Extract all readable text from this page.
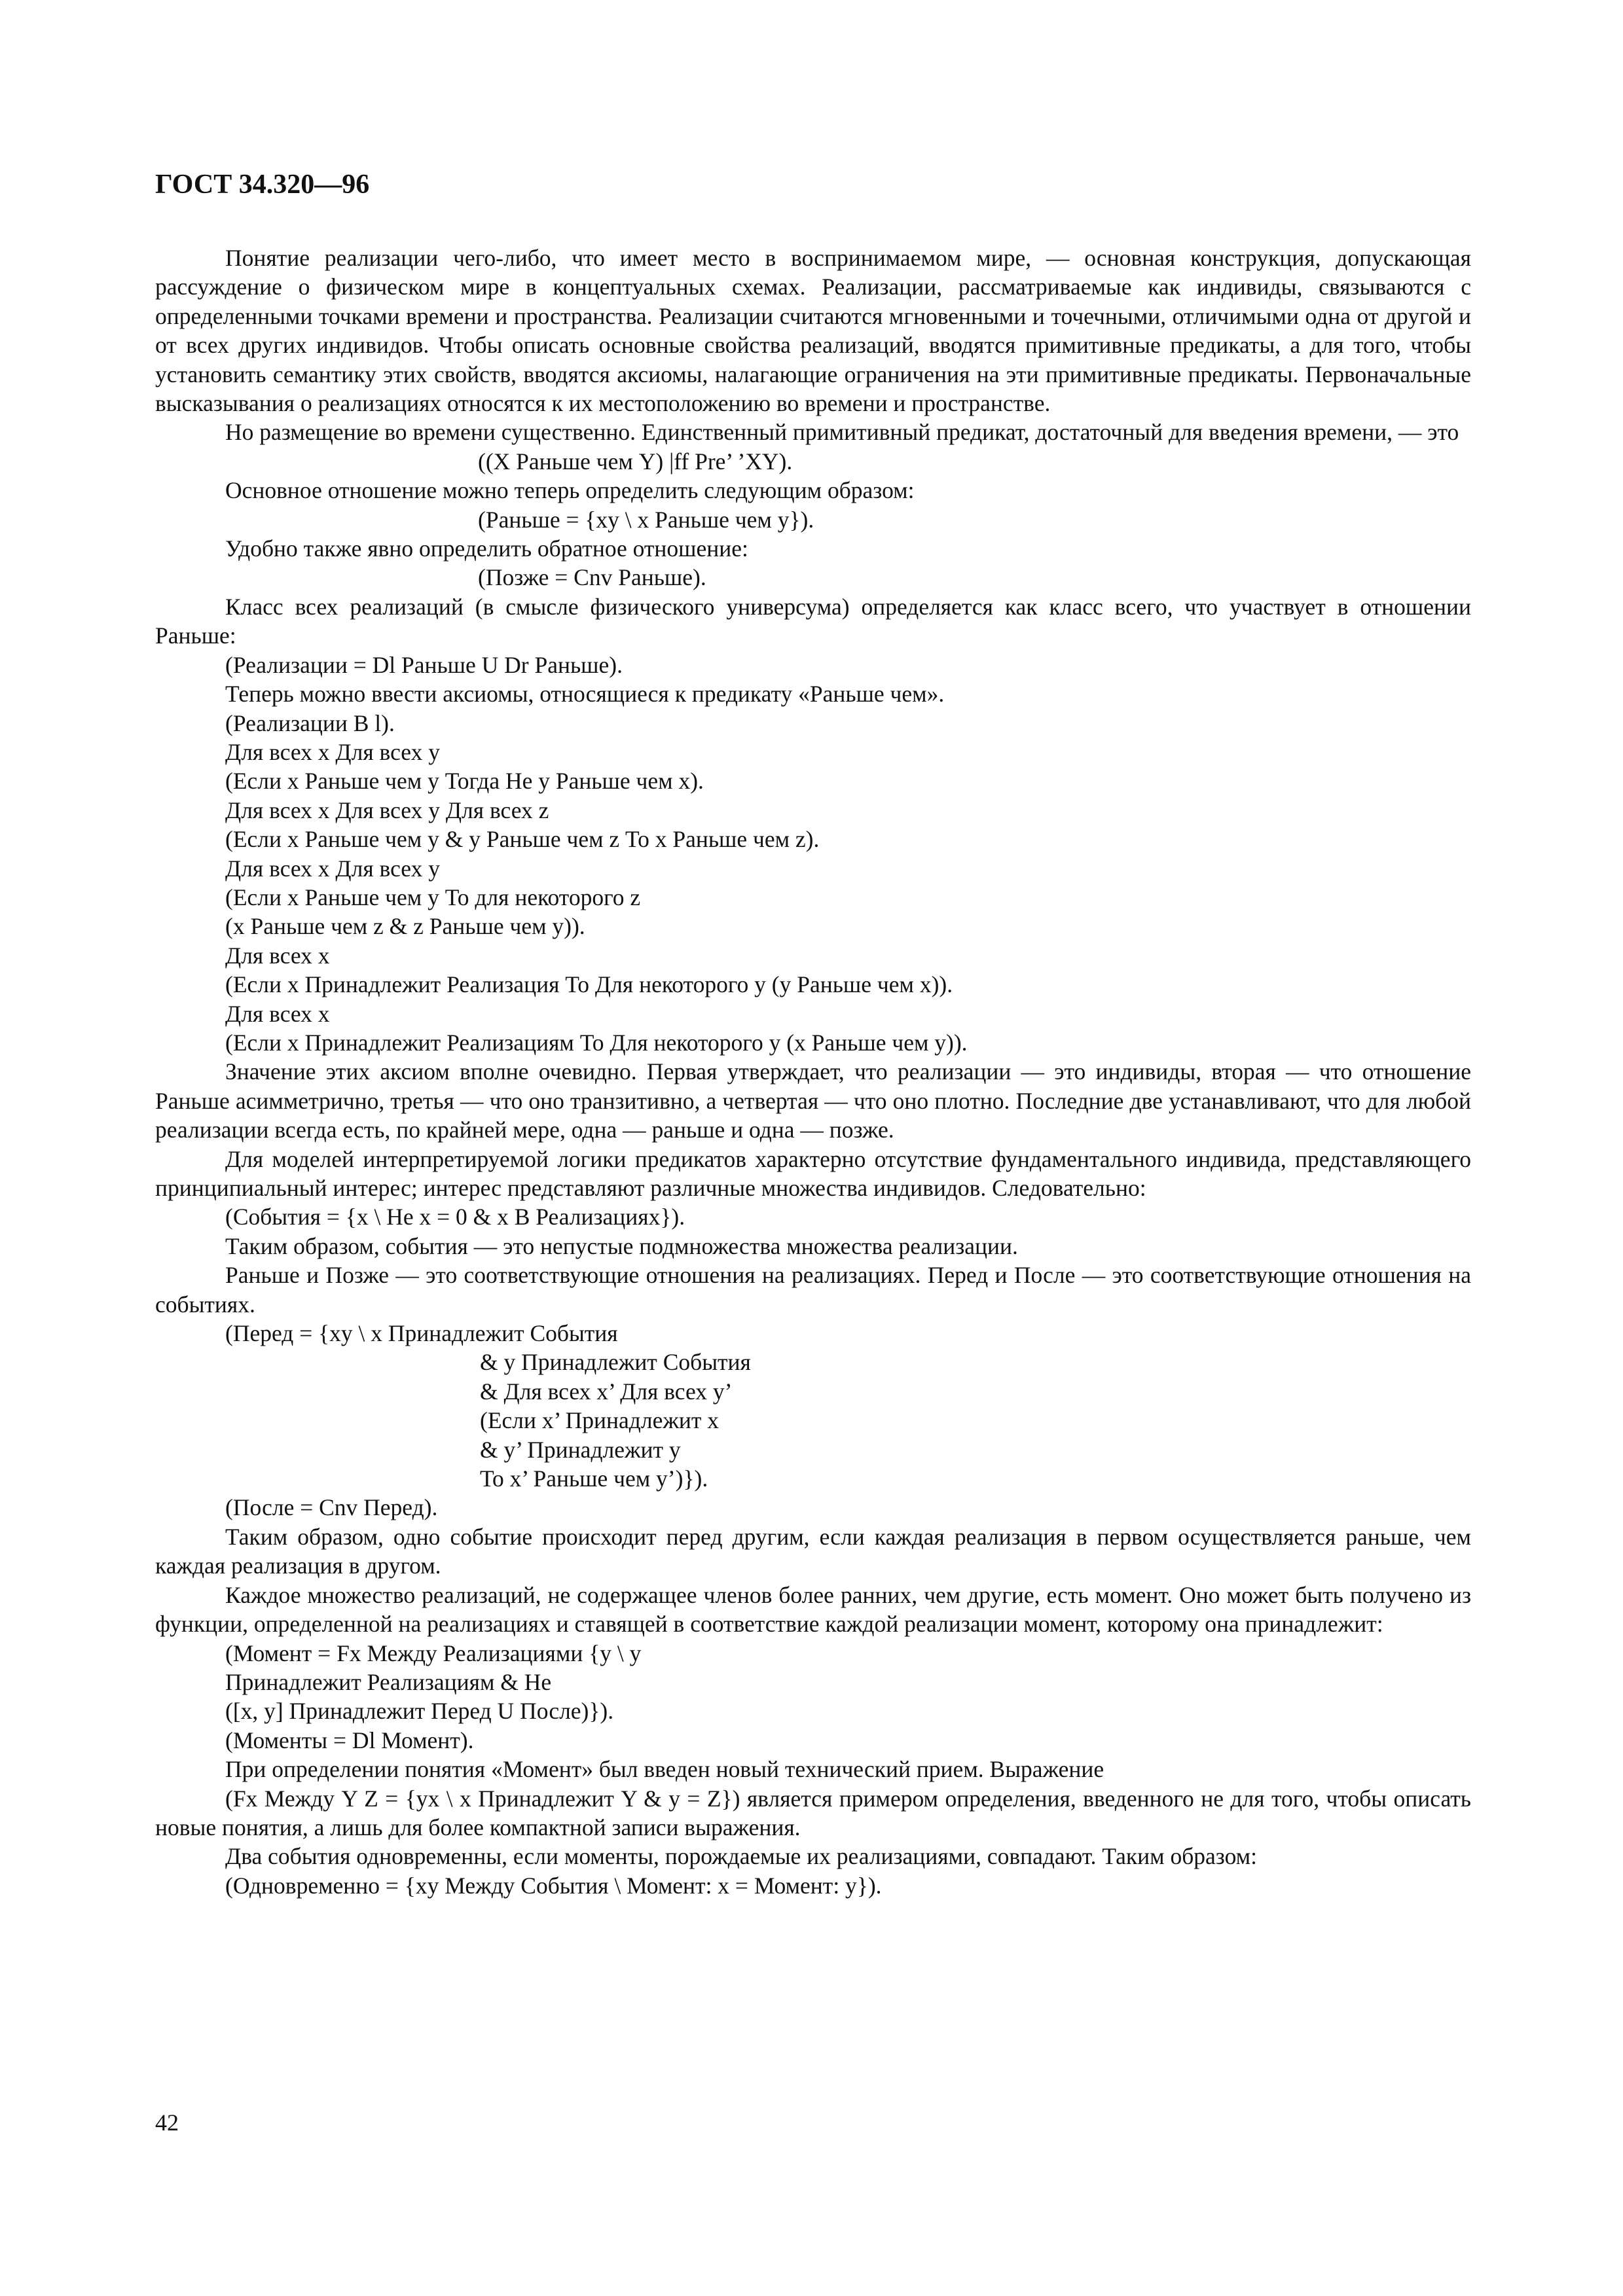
ГОСТ 34.320—96
Понятие реализации чего-либо, что имеет место в воспринимаемом мире, — основная конструкция, допускающая рассуждение о физическом мире в концептуальных схемах. Реализации, рассматриваемые как индивиды, связываются с определенными точками времени и пространства. Реализации считаются мгновенными и точечными, отличимыми одна от другой и от всех других индивидов. Чтобы описать основные свойства реализаций, вводятся примитивные предикаты, а для того, чтобы установить семантику этих свойств, вводятся аксиомы, налагающие ограничения на эти примитивные предикаты. Первоначальные высказывания о реализациях относятся к их местоположению во времени и пространстве.
Но размещение во времени существенно. Единственный примитивный предикат, достаточный для введения времени, — это
((X Раньше чем Y) |ff Pre’ ’XY).
Основное отношение можно теперь определить следующим образом:
(Раньше = {xy \ x Раньше чем y}).
Удобно также явно определить обратное отношение:
(Позже = Cnv Раньше).
Класс всех реализаций (в смысле физического универсума) определяется как класс всего, что участвует в отношении Раньше:
(Реализации = Dl Раньше U Dr Раньше).
Теперь можно ввести аксиомы, относящиеся к предикату «Раньше чем».
(Реализации B l).
Для всех x Для всех y
(Если x Раньше чем y Тогда Не y Раньше чем x).
Для всех x Для всех y Для всех z
(Если x Раньше чем y & y Раньше чем z То x Раньше чем z).
Для всех x Для всех y
(Если x Раньше чем y То для некоторого z
(x Раньше чем z & z Раньше чем y)).
Для всех x
(Если x Принадлежит Реализация То Для некоторого y (y Раньше чем x)).
Для всех x
(Если x Принадлежит Реализациям То Для некоторого y (x Раньше чем y)).
Значение этих аксиом вполне очевидно. Первая утверждает, что реализации — это индивиды, вторая — что отношение Раньше асимметрично, третья — что оно транзитивно, а четвертая — что оно плотно. Последние две устанавливают, что для любой реализации всегда есть, по крайней мере, одна — раньше и одна — позже.
Для моделей интерпретируемой логики предикатов характерно отсутствие фундаментального индивида, представляющего принципиальный интерес; интерес представляют различные множества индивидов. Следовательно:
(События = {x \ Не x = 0 & x В Реализациях}).
Таким образом, события — это непустые подмножества множества реализации.
Раньше и Позже — это соответствующие отношения на реализациях. Перед и После — это соответствующие отношения на событиях.
(Перед = {xy \ x Принадлежит События
& y Принадлежит События
& Для всех x’ Для всех y’
(Если x’ Принадлежит x
& y’ Принадлежит y
То x’ Раньше чем y’)}).
(После = Cnv Перед).
Таким образом, одно событие происходит перед другим, если каждая реализация в первом осуществляется раньше, чем каждая реализация в другом.
Каждое множество реализаций, не содержащее членов более ранних, чем другие, есть момент. Оно может быть получено из функции, определенной на реализациях и ставящей в соответствие каждой реализации момент, которому она принадлежит:
(Момент = Fx Между Реализациями {y \ y
Принадлежит Реализациям & Не
([x, y] Принадлежит Перед U После)}).
(Моменты = Dl Момент).
При определении понятия «Момент» был введен новый технический прием. Выражение
(Fx Между Y Z = {yx \ x Принадлежит Y & y = Z}) является примером определения, введенного не для того, чтобы описать новые понятия, а лишь для более компактной записи выражения.
Два события одновременны, если моменты, порождаемые их реализациями, совпадают. Таким образом:
(Одновременно = {xy Между События \ Момент: x = Момент: y}).
42
